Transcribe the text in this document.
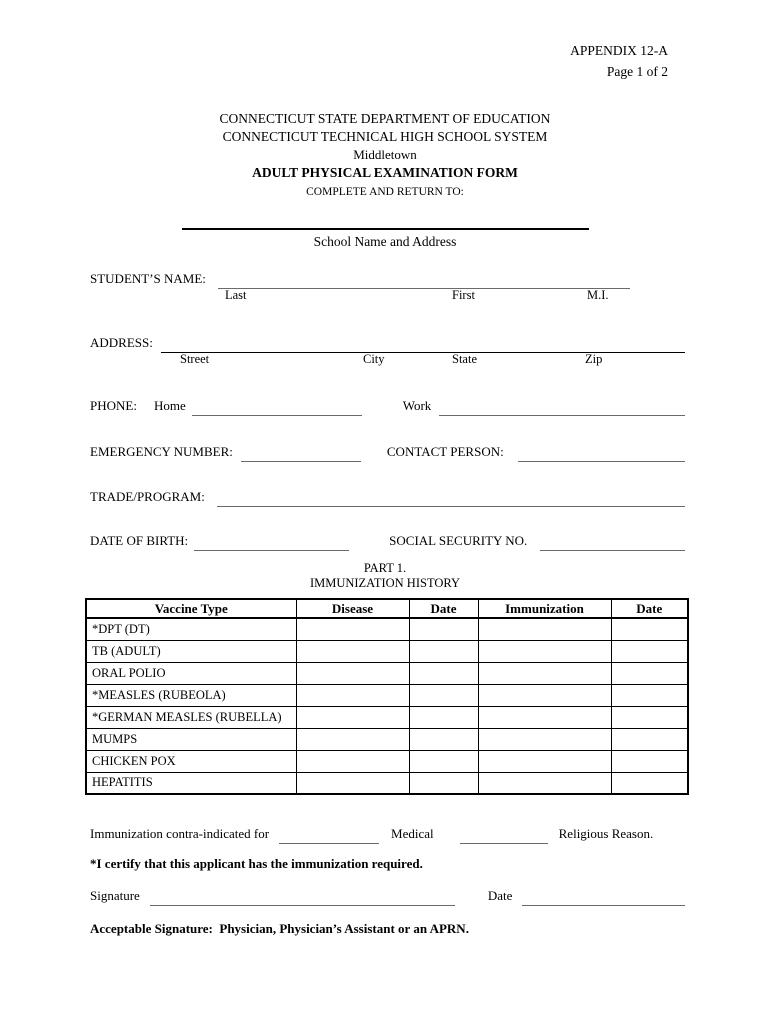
APPENDIX 12-A
Page 1 of 2
CONNECTICUT STATE DEPARTMENT OF EDUCATION
CONNECTICUT TECHNICAL HIGH SCHOOL SYSTEM
Middletown
ADULT PHYSICAL EXAMINATION FORM
COMPLETE AND RETURN TO:
School Name and Address
STUDENT’S NAME:
Last	First	M.I.
ADDRESS:
Street	City	State	Zip
PHONE: Home	Work
EMERGENCY NUMBER:	CONTACT PERSON:
TRADE/PROGRAM:
DATE OF BIRTH:	SOCIAL SECURITY NO.
PART 1.
IMMUNIZATION HISTORY
Vaccine Type	Disease	Date	Immunization	Date
*DPT (DT)				
TB (ADULT)				
ORAL POLIO				
*MEASLES (RUBEOLA)				
*GERMAN MEASLES (RUBELLA)				
MUMPS				
CHICKEN POX				
HEPATITIS				
Immunization contra-indicated for	Medical	Religious Reason.
*I certify that this applicant has the immunization required.
Signature	Date
Acceptable Signature:  Physician, Physician’s Assistant or an APRN.
